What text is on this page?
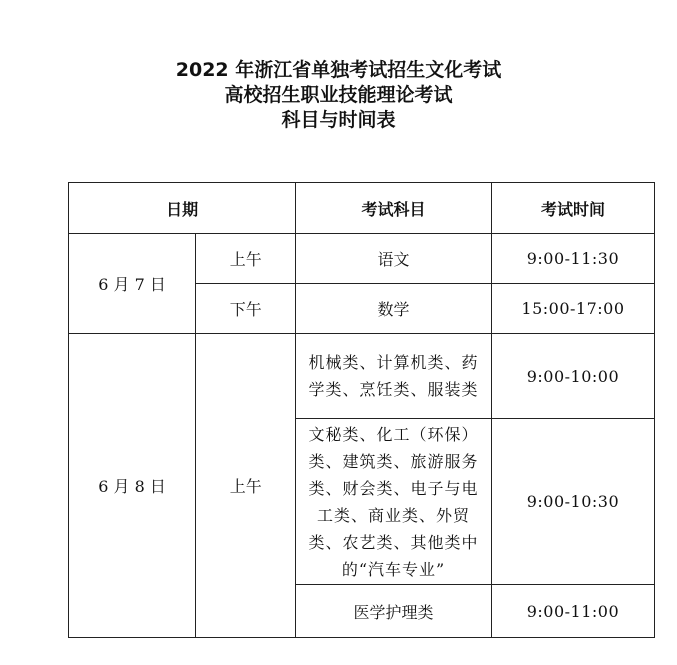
2022 年浙江省单独考试招生文化考试
高校招生职业技能理论考试
科目与时间表
日期		考试科目	考试时间
6 月 7 日	上午	语文	9:00-11:30
	下午	数学	15:00-17:00
6 月 8 日	上午	机械类、计算机类、药学类、烹饪类、服装类	9:00-10:00
		文秘类、化工（环保）类、建筑类、旅游服务类、财会类、电子与电工类、商业类、外贸类、农艺类、其他类中的“汽车专业”	9:00-10:30
		医学护理类	9:00-11:00
